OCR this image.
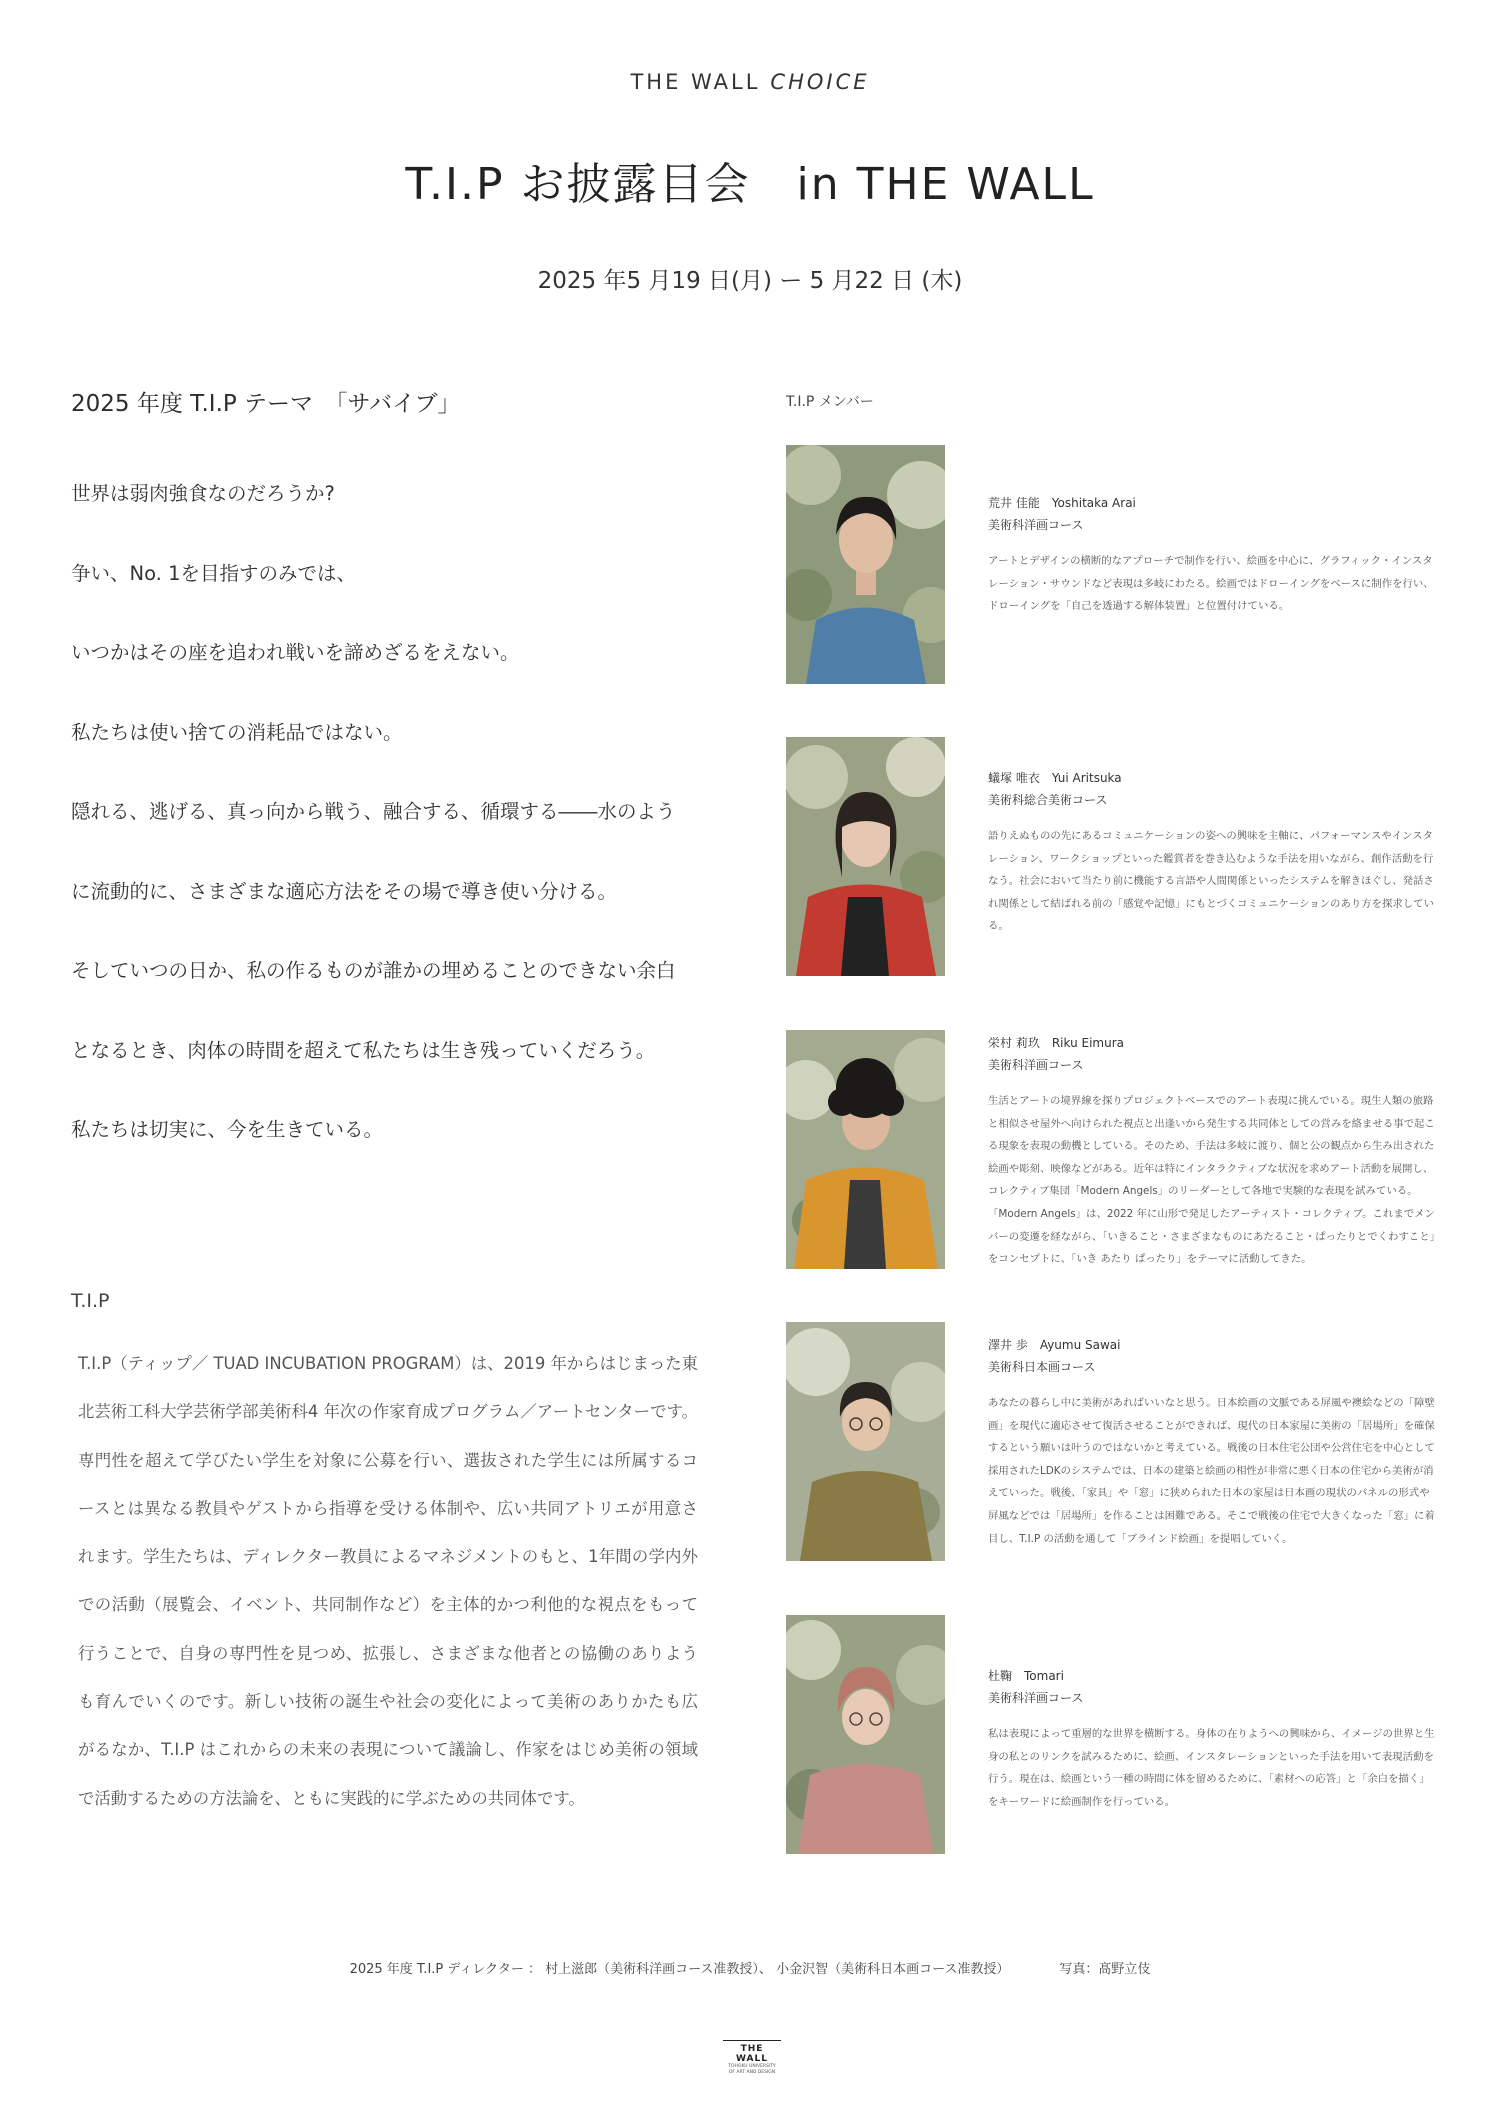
THE WALL CHOICE
T.I.P お披露目会　in THE WALL
2025 年5 月19 日(月) ー 5 月22 日 (木)
2025 年度 T.I.P テーマ　「サバイブ」

世界は弱肉強食なのだろうか?

争い、No. 1を目指すのみでは、

いつかはその座を追われ戦いを諦めざるをえない。

私たちは使い捨ての消耗品ではない。

隠れる、逃げる、真っ向から戦う、融合する、循環する――水のよう

に流動的に、さまざまな適応方法をその場で導き使い分ける。

そしていつの日か、私の作るものが誰かの埋めることのできない余白

となるとき、肉体の時間を超えて私たちは生き残っていくだろう。

私たちは切実に、今を生きている。

T.I.P

T.I.P（ティップ／ TUAD INCUBATION PROGRAM）は、2019 年からはじまった東北芸術工科大学芸術学部美術科4 年次の作家育成プログラム／アートセンターです。専門性を超えて学びたい学生を対象に公募を行い、選抜された学生には所属するコースとは異なる教員やゲストから指導を受ける体制や、広い共同アトリエが用意されます。学生たちは、ディレクター教員によるマネジメントのもと、1年間の学内外での活動（展覧会、イベント、共同制作など）を主体的かつ利他的な視点をもって行うことで、自身の専門性を見つめ、拡張し、さまざまな他者との協働のありようも育んでいくのです。新しい技術の誕生や社会の変化によって美術のありかたも広がるなか、T.I.P はこれからの未来の表現について議論し、作家をはじめ美術の領域で活動するための方法論を、ともに実践的に学ぶための共同体です。

T.I.P メンバー

荒井 佳能　Yoshitaka Arai

美術科洋画コース

アートとデザインの横断的なアプローチで制作を行い、絵画を中心に、グラフィック・インスタレーション・サウンドなど表現は多岐にわたる。絵画ではドローイングをベースに制作を行い、ドローイングを「自己を透過する解体装置」と位置付けている。

蟻塚 唯衣　Yui Aritsuka

美術科総合美術コース

語りえぬものの先にあるコミュニケーションの姿への興味を主軸に、パフォーマンスやインスタレーション、ワークショップといった鑑賞者を巻き込むような手法を用いながら、創作活動を行なう。社会において当たり前に機能する言語や人間関係といったシステムを解きほぐし、発話され関係として結ばれる前の「感覚や記憶」にもとづくコミュニケーションのあり方を探求している。

栄村 莉玖　Riku Eimura

美術科洋画コース

生活とアートの境界線を探りプロジェクトベースでのアート表現に挑んでいる。現生人類の旅路と相似させ屋外へ向けられた視点と出逢いから発生する共同体としての営みを絡ませる事で起こる現象を表現の動機としている。そのため、手法は多岐に渡り、個と公の観点から生み出された絵画や彫刻、映像などがある。近年は特にインタラクティブな状況を求めアート活動を展開し、コレクティブ集団「Modern Angels」のリーダーとして各地で実験的な表現を試みている。「Modern Angels」は、2022 年に山形で発足したアーティスト・コレクティブ。これまでメンバーの変遷を経ながら、「いきること・さまざまなものにあたること・ぱったりとでくわすこと」をコンセプトに、「いき あたり ぱったり」をテーマに活動してきた。

澤井 歩　Ayumu Sawai

美術科日本画コース

あなたの暮らし中に美術があればいいなと思う。日本絵画の文脈である屏風や襖絵などの「障壁画」を現代に適応させて復活させることができれば、現代の日本家屋に美術の「居場所」を確保するという願いは叶うのではないかと考えている。戦後の日本住宅公団や公営住宅を中心として採用されたLDKのシステムでは、日本の建築と絵画の相性が非常に悪く日本の住宅から美術が消えていった。戦後、「家具」や「窓」に狭められた日本の家屋は日本画の現状のパネルの形式や屏風などでは「居場所」を作ることは困難である。そこで戦後の住宅で大きくなった「窓」に着目し、T.I.P の活動を通して「ブラインド絵画」を提唱していく。

杜鞠　Tomari

美術科洋画コース

私は表現によって重層的な世界を横断する。身体の在りようへの興味から、イメージの世界と生身の私とのリンクを試みるために、絵画、インスタレーションといった手法を用いて表現活動を行う。現在は、絵画という一種の時間に体を留めるために、「素材への応答」と「余白を描く」をキーワードに絵画制作を行っている。

2025 年度 T.I.P ディレクター ： 村上滋郎（美術科洋画コース准教授）、 小金沢智（美術科日本画コース准教授）	写真：髙野立伎
THE WALL
TOHOKU UNIVERSITY
OF ART AND DESIGN
